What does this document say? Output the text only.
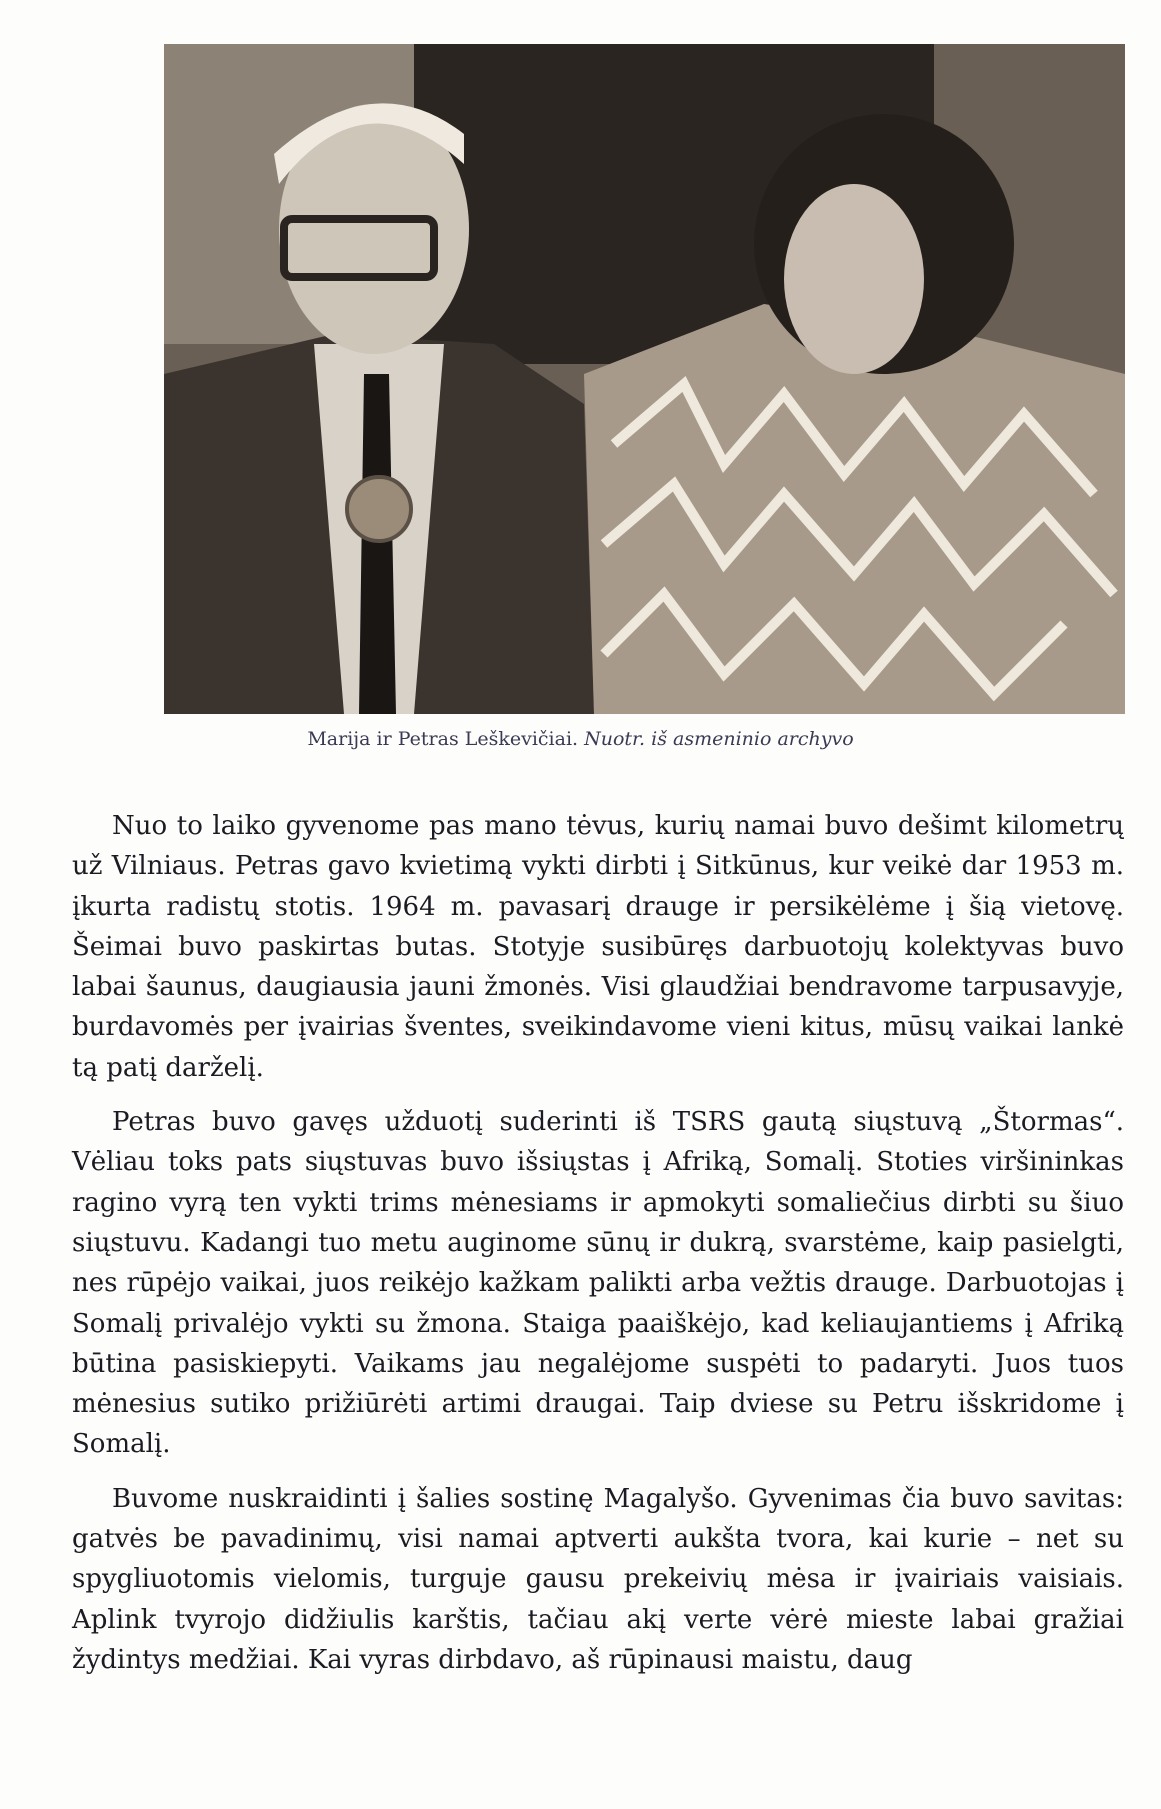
Marija ir Petras Leškevičiai. Nuotr. iš asmeninio archyvo

Nuo to laiko gyvenome pas mano tėvus, kurių namai buvo dešimt kilometrų už Vilniaus. Petras gavo kvietimą vykti dirbti į Sitkūnus, kur veikė dar 1953 m. įkurta radistų stotis. 1964 m. pavasarį drauge ir persikėlėme į šią vietovę. Šeimai buvo paskirtas butas. Stotyje susibūręs darbuotojų kolektyvas buvo labai šaunus, daugiausia jauni žmonės. Visi glaudžiai bendravome tarpusavyje, burdavomės per įvairias šventes, sveikindavome vieni kitus, mūsų vaikai lankė tą patį darželį.

Petras buvo gavęs užduotį suderinti iš TSRS gautą siųstuvą „Štormas“. Vėliau toks pats siųstuvas buvo išsiųstas į Afriką, Somalį. Stoties viršininkas ragino vyrą ten vykti trims mėnesiams ir apmokyti somaliečius dirbti su šiuo siųstuvu. Kadangi tuo metu auginome sūnų ir dukrą, svarstėme, kaip pasielgti, nes rūpėjo vaikai, juos reikėjo kažkam palikti arba vežtis drauge. Darbuotojas į Somalį privalėjo vykti su žmona. Staiga paaiškėjo, kad keliaujantiems į Afriką būtina pasiskiepyti. Vaikams jau negalėjome suspėti to padaryti. Juos tuos mėnesius sutiko prižiūrėti artimi draugai. Taip dviese su Petru išskridome į Somalį.

Buvome nuskraidinti į šalies sostinę Magalyšo. Gyvenimas čia buvo savitas: gatvės be pavadinimų, visi namai aptverti aukšta tvora, kai kurie – net su spygliuotomis vielomis, turguje gausu prekeivių mėsa ir įvairiais vaisiais. Aplink tvyrojo didžiulis karštis, tačiau akį verte vėrė mieste labai gražiai žydintys medžiai. Kai vyras dirbdavo, aš rūpinausi maistu, daug
